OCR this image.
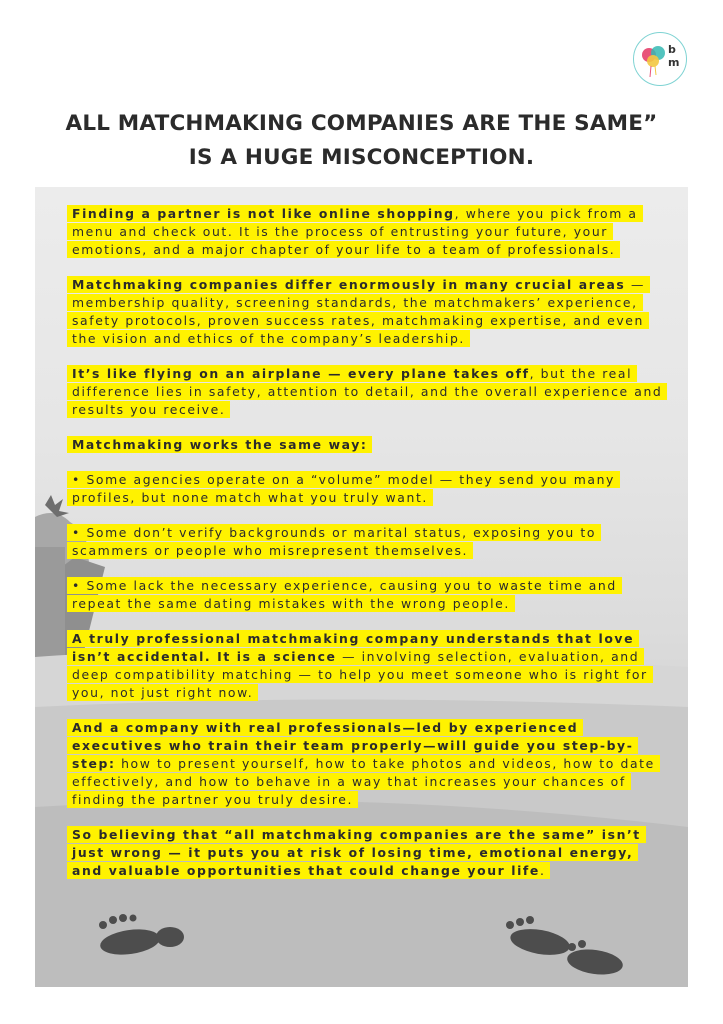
b
m
ALL MATCHMAKING COMPANIES ARE THE SAME”
IS A HUGE MISCONCEPTION.

Finding a partner is not like online shopping, where you pick from a menu and check out. It is the process of entrusting your future, your emotions, and a major chapter of your life to a team of professionals.

Matchmaking companies differ enormously in many crucial areas — membership quality, screening standards, the matchmakers’ experience, safety protocols, proven success rates, matchmaking expertise, and even the vision and ethics of the company’s leadership.

It’s like flying on an airplane — every plane takes off, but the real difference lies in safety, attention to detail, and the overall experience and results you receive.

Matchmaking works the same way:

• Some agencies operate on a “volume” model — they send you many profiles, but none match what you truly want.

• Some don’t verify backgrounds or marital status, exposing you to scammers or people who misrepresent themselves.

• Some lack the necessary experience, causing you to waste time and repeat the same dating mistakes with the wrong people.

A truly professional matchmaking company understands that love isn’t accidental. It is a science — involving selection, evaluation, and deep compatibility matching — to help you meet someone who is right for you, not just right now.

And a company with real professionals—led by experienced executives who train their team properly—will guide you step-by-step: how to present yourself, how to take photos and videos, how to date effectively, and how to behave in a way that increases your chances of finding the partner you truly desire.

So believing that “all matchmaking companies are the same” isn’t just wrong — it puts you at risk of losing time, emotional energy, and valuable opportunities that could change your life.
